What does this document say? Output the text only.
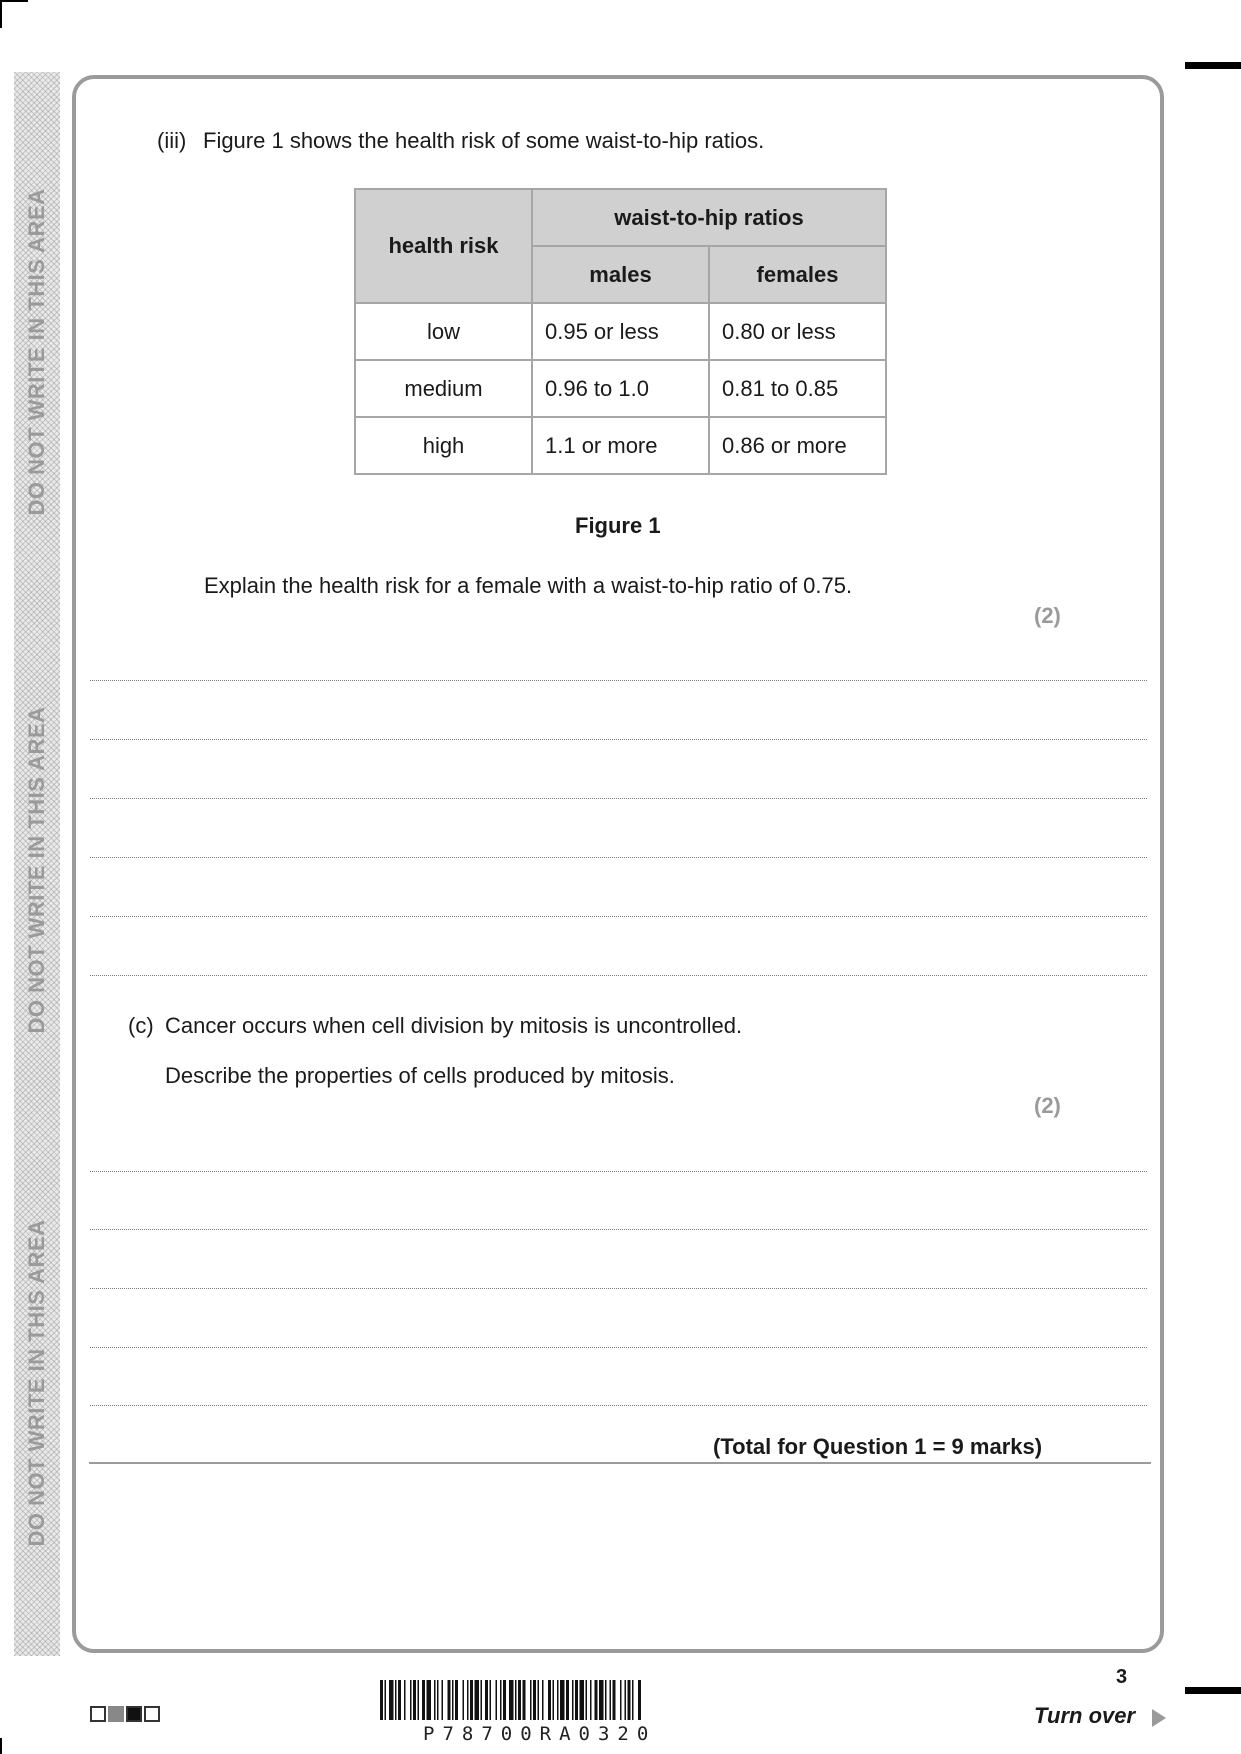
DO NOT WRITE IN THIS AREA
DO NOT WRITE IN THIS AREA
DO NOT WRITE IN THIS AREA
(iii) Figure 1 shows the health risk of some waist-to-hip ratios.
health risk	waist-to-hip ratios	
	males	females
low	0.95 or less	0.80 or less
medium	0.96 to 1.0	0.81 to 0.85
high	1.1 or more	0.86 or more
Figure 1
Explain the health risk for a female with a waist-to-hip ratio of 0.75.
(2)
(c) Cancer occurs when cell division by mitosis is uncontrolled.
Describe the properties of cells produced by mitosis.
(2)
(Total for Question 1 = 9 marks)
P78700RA0320
3
Turn over
